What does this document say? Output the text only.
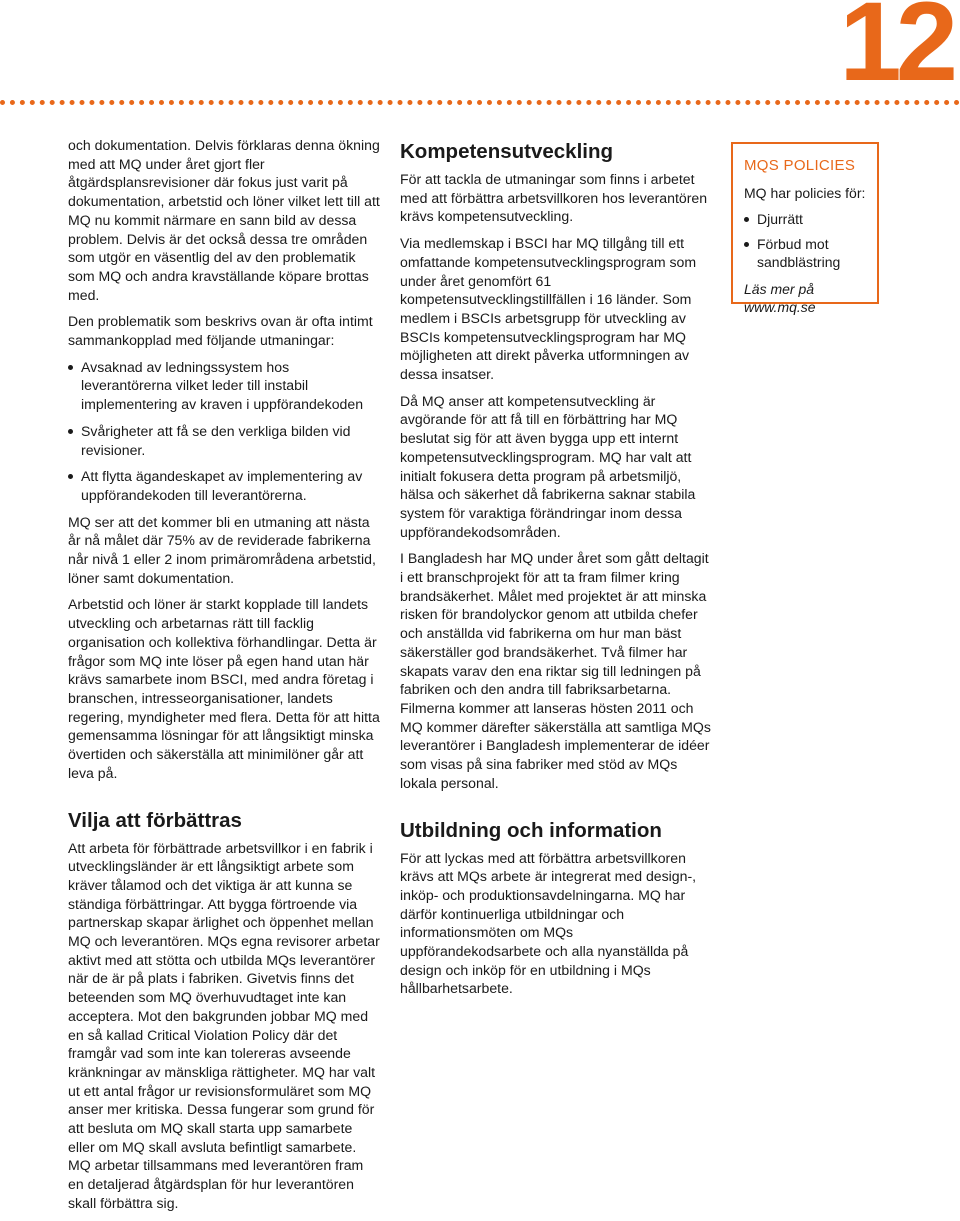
12

och dokumentation. Delvis förklaras denna ökning med att MQ under året gjort fler åtgärdsplansrevisioner där fokus just varit på dokumentation, arbetstid och löner vilket lett till att MQ nu kommit närmare en sann bild av dessa problem. Delvis är det också dessa tre områden som utgör en väsentlig del av den problematik som MQ och andra kravställande köpare brottas med.

Den problematik som beskrivs ovan är ofta intimt sammankopplad med följande utmaningar:

Avsaknad av ledningssystem hos leverantörerna vilket leder till instabil implementering av kraven i uppförandekoden
Svårigheter att få se den verkliga bilden vid revisioner.
Att flytta ägandeskapet av implementering av uppförandekoden till leverantörerna.

MQ ser att det kommer bli en utmaning att nästa år nå målet där 75% av de reviderade fabrikerna når nivå 1 eller 2 inom primärområdena arbetstid, löner samt dokumentation.

Arbetstid och löner är starkt kopplade till landets utveckling och arbetarnas rätt till facklig organisation och kollektiva förhandlingar. Detta är frågor som MQ inte löser på egen hand utan här krävs samarbete inom BSCI, med andra företag i branschen, intresseorganisationer, landets regering, myndigheter med flera. Detta för att hitta gemensamma lösningar för att långsiktigt minska övertiden och säkerställa att minimilöner går att leva på.

Vilja att förbättras

Att arbeta för förbättrade arbetsvillkor i en fabrik i utvecklingsländer är ett långsiktigt arbete som kräver tålamod och det viktiga är att kunna se ständiga förbättringar. Att bygga förtroende via partnerskap skapar ärlighet och öppenhet mellan MQ och leverantören. MQs egna revisorer arbetar aktivt med att stötta och utbilda MQs leverantörer när de är på plats i fabriken. Givetvis finns det beteenden som MQ överhuvudtaget inte kan acceptera. Mot den bakgrunden jobbar MQ med en så kallad Critical Violation Policy där det framgår vad som inte kan tolereras avseende kränkningar av mänskliga rättigheter. MQ har valt ut ett antal frågor ur revisionsformuläret som MQ anser mer kritiska. Dessa fungerar som grund för att besluta om MQ skall starta upp samarbete eller om MQ skall avsluta befintligt samarbete. MQ arbetar tillsammans med leverantören fram en detaljerad åtgärdsplan för hur leverantören skall förbättra sig.

Kompetensutveckling

För att tackla de utmaningar som finns i arbetet med att förbättra arbetsvillkoren hos leverantören krävs kompetensutveckling.

Via medlemskap i BSCI har MQ tillgång till ett omfattande kompetensutvecklingsprogram som under året genomfört 61 kompetensutvecklingstillfällen i 16 länder. Som medlem i BSCIs arbetsgrupp för utveckling av BSCIs kompetensutvecklingsprogram har MQ möjligheten att direkt påverka utformningen av dessa insatser.

Då MQ anser att kompetensutveckling är avgörande för att få till en förbättring har MQ beslutat sig för att även bygga upp ett internt kompetensutvecklingsprogram. MQ har valt att initialt fokusera detta program på arbetsmiljö, hälsa och säkerhet då fabrikerna saknar stabila system för varaktiga förändringar inom dessa uppförandekodsområden.

I Bangladesh har MQ under året som gått deltagit i ett branschprojekt för att ta fram filmer kring brandsäkerhet. Målet med projektet är att minska risken för brandolyckor genom att utbilda chefer och anställda vid fabrikerna om hur man bäst säkerställer god brandsäkerhet. Två filmer har skapats varav den ena riktar sig till ledningen på fabriken och den andra till fabriksarbetarna. Filmerna kommer att lanseras hösten 2011 och MQ kommer därefter säkerställa att samtliga MQs leverantörer i Bangladesh implementerar de idéer som visas på sina fabriker med stöd av MQs lokala personal.

Utbildning och information

För att lyckas med att förbättra arbetsvillkoren krävs att MQs arbete är integrerat med design-, inköp- och produktionsavdelningarna. MQ har därför kontinuerliga utbildningar och informationsmöten om MQs uppförandekodsarbete och alla nyanställda på design och inköp för en utbildning i MQs hållbarhetsarbete.

MQS POLICIES
MQ har policies för:
Djurrätt
Förbud mot sandblästring

Läs mer på www.mq.se
